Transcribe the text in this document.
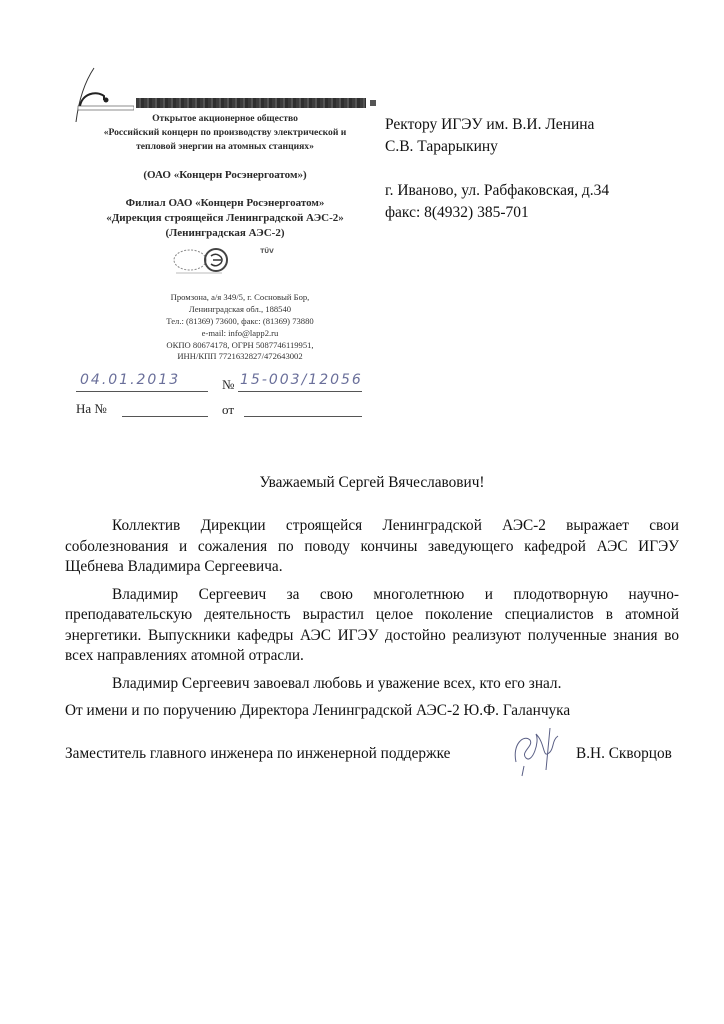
Открытое акционерное общество
«Российский концерн по производству электрической и
тепловой энергии на атомных станциях»
(ОАО «Концерн Росэнергоатом»)
Филиал ОАО «Концерн Росэнергоатом»
«Дирекция строящейся Ленинградской АЭС-2»
(Ленинградская АЭС-2)
TÜV
Промзона, а/я 349/5, г. Сосновый Бор,
Ленинградская обл., 188540
Тел.: (81369) 73600, факс: (81369) 73880
e-mail: info@lapp2.ru
ОКПО 80674178, ОГРН 5087746119951,
ИНН/КПП 7721632827/472643002
Ректору ИГЭУ им. В.И. Ленина
С.В. Тарарыкину
г. Иваново, ул. Рабфаковская, д.34
факс: 8(4932) 385-701
04.01.2013	№ 15-003/12056
На №	от
Уважаемый Сергей Вячеславович!

Коллектив Дирекции строящейся Ленинградской АЭС-2 выражает свои соболезнования и сожаления по поводу кончины заведующего кафедрой АЭС ИГЭУ Щебнева Владимира Сергеевича.

Владимир Сергеевич за свою многолетнюю и плодотворную научно-преподавательскую деятельность вырастил целое поколение специалистов в атомной энергетики. Выпускники кафедры АЭС ИГЭУ достойно реализуют полученные знания во всех направлениях атомной отрасли.

Владимир Сергеевич завоевал любовь и уважение всех, кто его знал.

От имени и по поручению Директора Ленинградской АЭС-2 Ю.Ф. Галанчука
Заместитель главного инженера по инженерной поддержке	В.Н. Скворцов
